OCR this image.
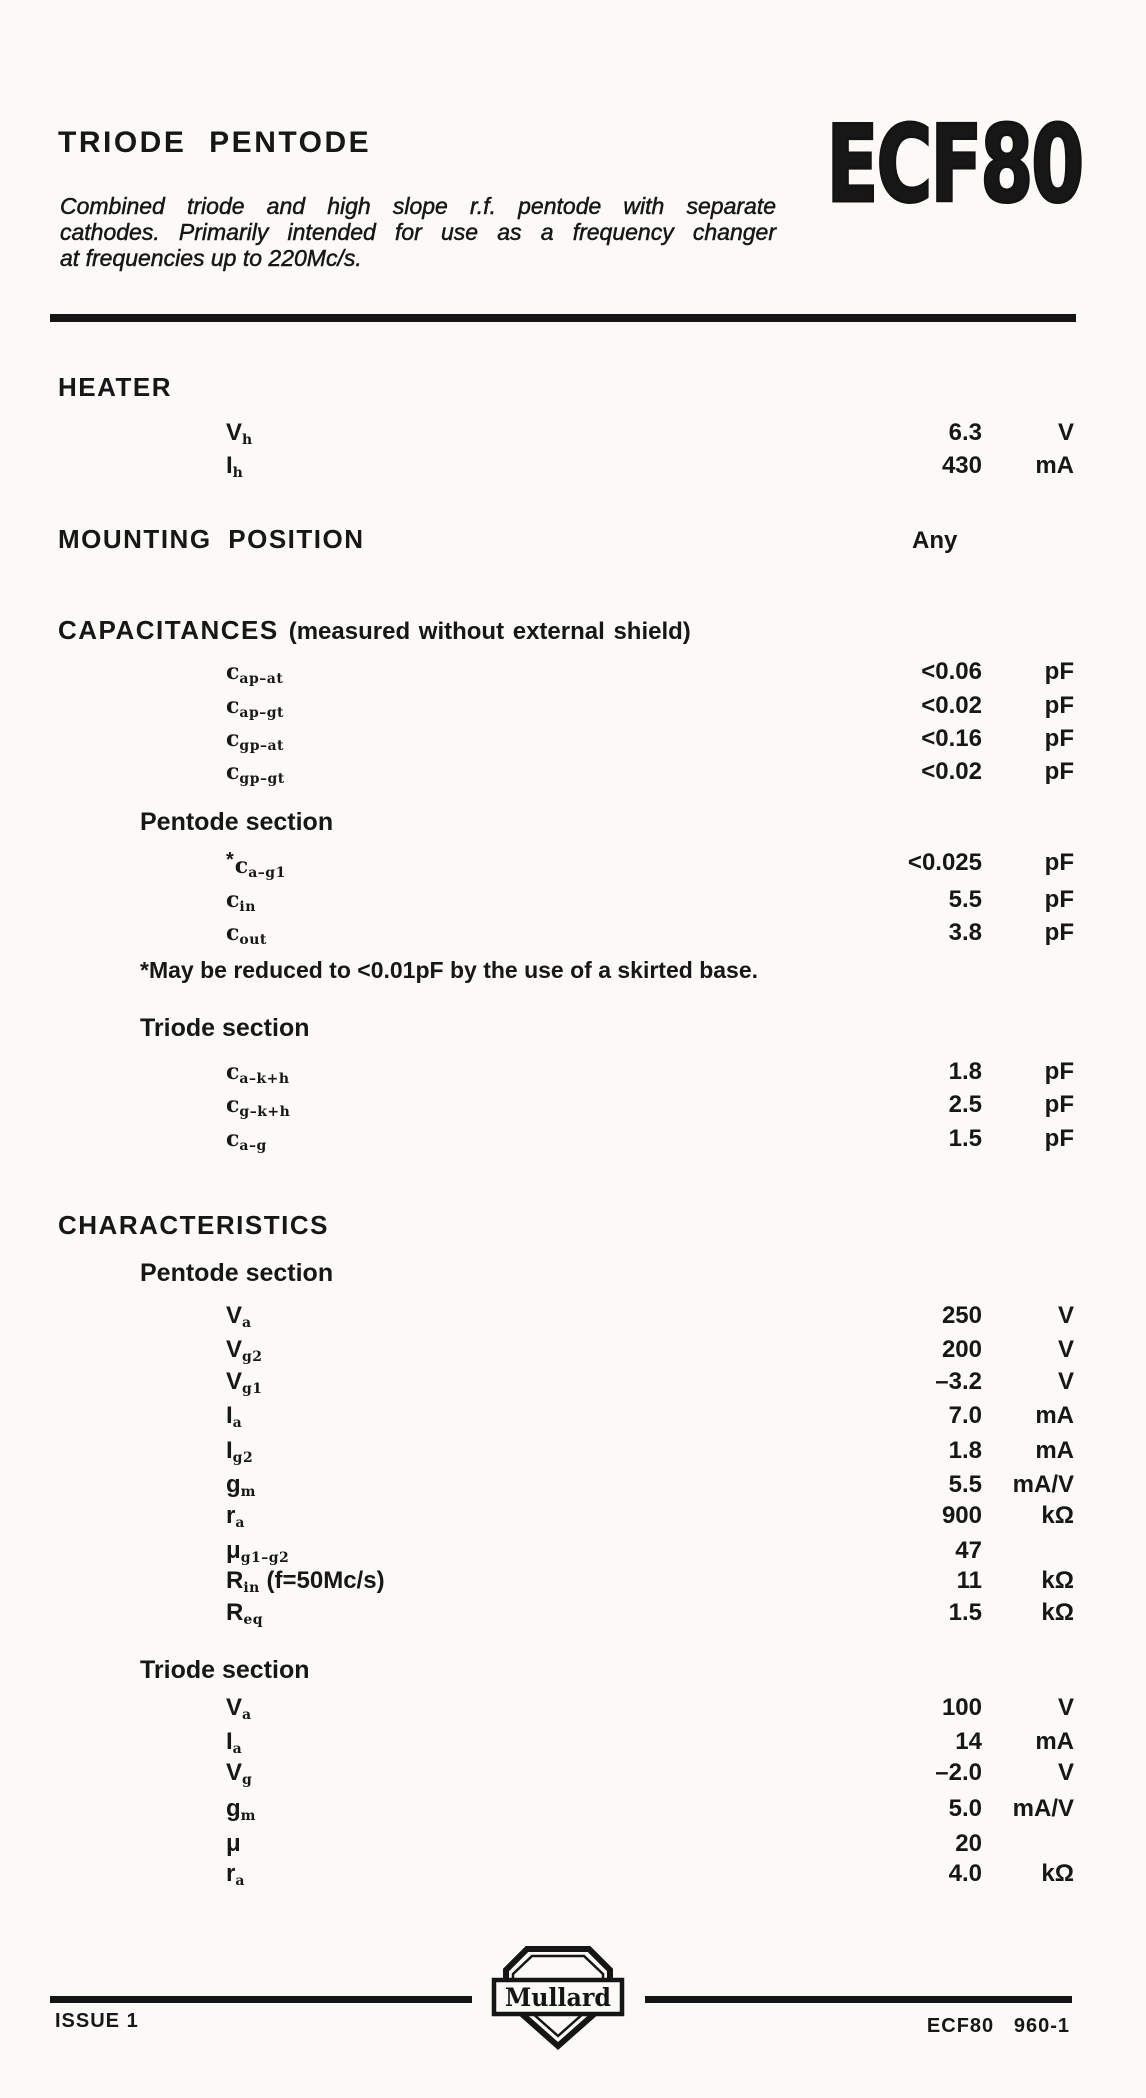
TRIODE PENTODE
Combined triode and high slope r.f. pentode with separate
cathodes. Primarily intended for use as a frequency changer
at frequencies up to 220Mc/s.
ECF80
HEATER
$V_h$	6.3	V
$I_h$	430 mA
MOUNTING POSITION	Any
CAPACITANCES (measured without external shield)
$c_{ap-at}$	<0.06	pF
$c_{ap-gt}$	<0.02	pF
$c_{gp-at}$	<0.16	pF
$c_{gp-gt}$	<0.02	pF
Pentode section
$^*c_{a-g1}$	<0.025	pF
$c_{in}$	5.5	pF
$c_{out}$	3.8	pF
*May be reduced to <0.01pF by the use of a skirted base.
Triode section
$c_{a-k+h}$	1.8	pF
$c_{g-k+h}$	2.5	pF
$c_{a-g}$	1.5	pF
CHARACTERISTICS
Pentode section
$V_a$	250	V
$V_{g2}$	200	V
$V_{g1}$	–3.2	V
$I_a$	7.0 mA
$I_{g2}$	1.8 mA
$g_m$	5.5 mA/V
$r_a$	900 kΩ
$\mu_{g1-g2}$	47
$R_{in}$ (f=50Mc/s)	11 kΩ
$R_{eq}$	1.5 kΩ
Triode section
$V_a$	100	V
$I_a$	14 mA
$V_g$	–2.0	V
$g_m$	5.0 mA/V
μ	20
$r_a$	4.0 kΩ
Mullard
ISSUE 1	ECF80   960-1
